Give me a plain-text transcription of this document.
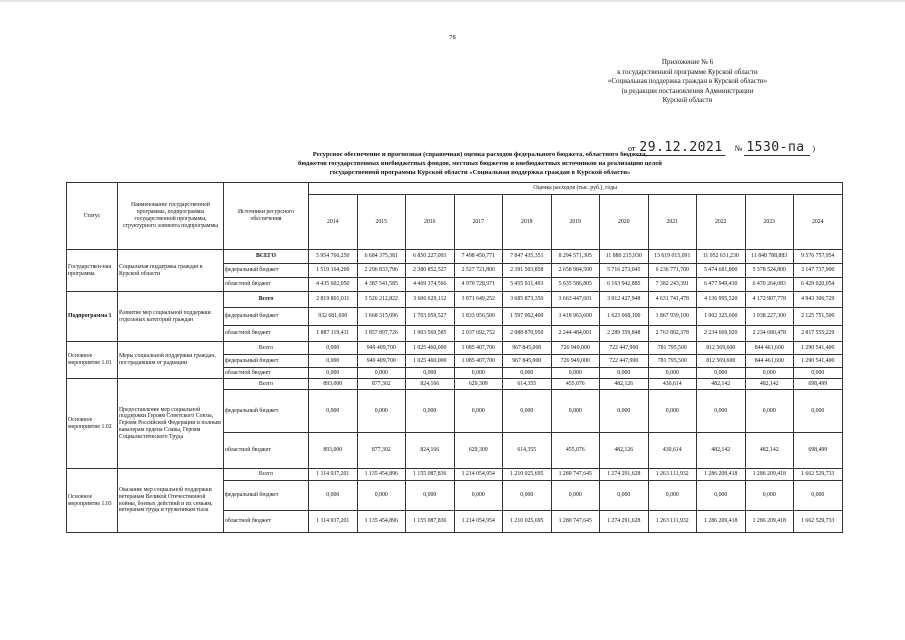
78
Приложение № 6
к государственной программе Курской области
«Социальная поддержка граждан в Курской области»
(в редакции постановления Администрации
Курской области
от 29.12.2021 № 1530-па )
Ресурсное обеспечение и прогнозная (справочная) оценка расходов федерального бюджета, областного бюджета,
бюджетов государственных внебюджетных фондов, местных бюджетов и внебюджетных источников на реализацию целей
государственной программы Курской области «Социальная поддержка граждан в Курской области»
Статус	Наименование государственной программы, подпрограммы государственной программы, структурного элемента подпрограммы	Источники ресурсного обеспечения	Оценка расходов (тыс. руб.), годы										
			2014	2015	2016	2017	2018	2019	2020	2021	2022	2023	2024
Государствен-ная программа	Социальная поддержка граждан в Курской области	ВСЕГО	5 954 766,250	6 684 375,381	6 850 227,093	7 498 450,771	7 847 435,351	8 294 571,305	11 880 215,930	13 619 015,091	11 952 631,230	11 848 788,883	9 576 757,954
		федеральный бюджет	1 519 164,200	2 296 833,796	2 380 852,527	2 527 721,800	2 391 503,858	2 658 984,500	5 716 273,045	6 236 771,700	5 474 681,800	5 378 524,800	3 147 737,900
		областной бюджет	4 435 602,050	4 387 541,585	4 469 374,566	4 970 728,971	5 455 931,493	5 635 586,805	6 163 942,885	7 382 243,391	6 477 949,430	6 470 264,083	6 429 020,054
Подпрограмма 1	Развитие мер социальной поддержки отдельных категорий граждан	Всего	2 819 801,011	3 526 212,822	3 606 629,112	3 871 649,252	3 685 873,350	3 663 447,601	3 912 427,948	4 631 741,478	4 136 995,520	4 172 907,778	4 943 306,729
		федеральный бюджет	932 681,600	1 668 315,096	1 703 059,527	1 833 956,500	1 597 002,400	1 418 963,600	1 623 068,100	1 867 939,100	1 902 325,600	1 938 227,300	2 125 751,500
		областной бюджет	1 887 119,411	1 857 897,726	1 903 569,585	2 037 692,752	2 088 870,950	2 244 484,001	2 289 359,848	2 763 802,378	2 234 669,920	2 234 680,478	2 817 555,229
Основное мероприятие 1.01	Меры социальной поддержки граждан, пострадавшим от радиации	Всего	0,000	949 409,700	1 025 460,000	1 085 407,700	967 845,000	726 949,000	722 447,900	781 795,500	812 569,600	844 461,600	1 290 541,400
		федеральный бюджет	0,000	949 409,700	1 025 460,000	1 085 407,700	967 845,000	726 949,000	722 447,900	781 795,500	812 569,600	844 461,600	1 290 541,400
		областной бюджет	0,000	0,000	0,000	0,000	0,000	0,000	0,000	0,000	0,000	0,000	0,000
Основное мероприятие 1.02	Предоставление мер социальной поддержки Героям Советского Союза, Героям Российской Федерации и полным кавалерам ордена Славы, Героям Социалистического Труда	Всего	893,000	877,302	824,166	629,309	614,355	455,076	482,126	430,614	482,142	482,142	698,499
		федеральный бюджет	0,000	0,000	0,000	0,000	0,000	0,000	0,000	0,000	0,000	0,000	0,000
		областной бюджет	893,000	877,302	824,166	629,309	614,355	455,076	482,126	430,614	482,142	482,142	698,499
Основное мероприятие 1.03	Оказание мер социальной поддержки ветеранам Великой Отечественной войны, боевых действий и их семьям, ветеранам труда и труженикам тыла	Всего	1 114 937,201	1 135 454,896	1 155 087,836	1 214 054,954	1 210 025,695	1 280 747,645	1 274 291,628	1 263 111,932	1 286 209,418	1 286 209,418	1 662 529,733
		федеральный бюджет	0,000	0,000	0,000	0,000	0,000	0,000	0,000	0,000	0,000	0,000	0,000
		областной бюджет	1 114 937,201	1 135 454,896	1 155 087,836	1 214 054,954	1 210 025,695	1 280 747,645	1 274 291,628	1 263 111,932	1 286 209,418	1 286 209,418	1 662 529,733
